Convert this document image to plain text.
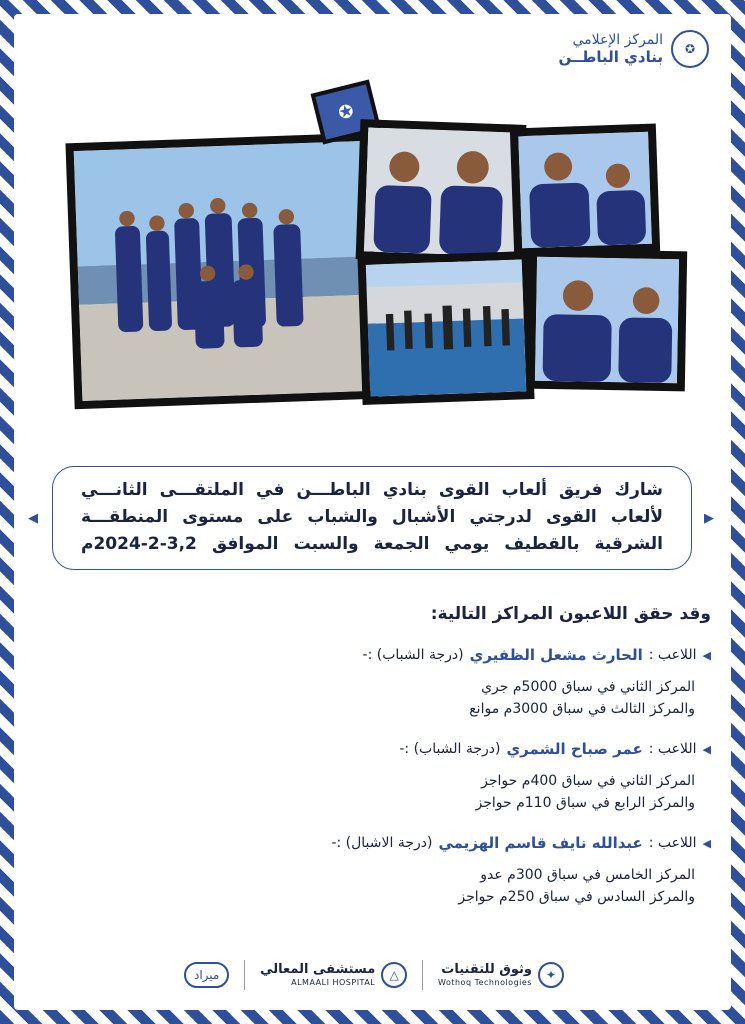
✪
المركز الإعلامي
بنادي الباطــن
✪
◀	▶
شارك فريق ألعاب القوى بنادي الباطـــن في الملتقـــى الثانـــي
لألعاب القوى لدرجتي الأشبال والشباب على مستوى المنطقـــة
الشرقية بالقطيف يومي الجمعة والسبت الموافق 3,2-2-2024م
وقد حقق اللاعبون المراكز التالية:
◀
اللاعب :
الحارث مشعل الظفيري
(درجة الشباب) :-
المركز الثاني في سباق 5000م جري
والمركز الثالث في سباق 3000م موانع
◀
اللاعب :
عمر صباح الشمري
(درجة الشباب) :-
المركز الثاني في سباق 400م حواجز
والمركز الرابع في سباق 110م حواجز
◀
اللاعب :
عبدالله نايف قاسم الهزيمي
(درجة الاشبال) :-
المركز الخامس في سباق 300م عدو
والمركز السادس في سباق 250م حواجز
ميراد	مستشفى المعالي
ALMAALI HOSPITAL
△	وثوق للتقنيات
Wothoq Technologies
✦
